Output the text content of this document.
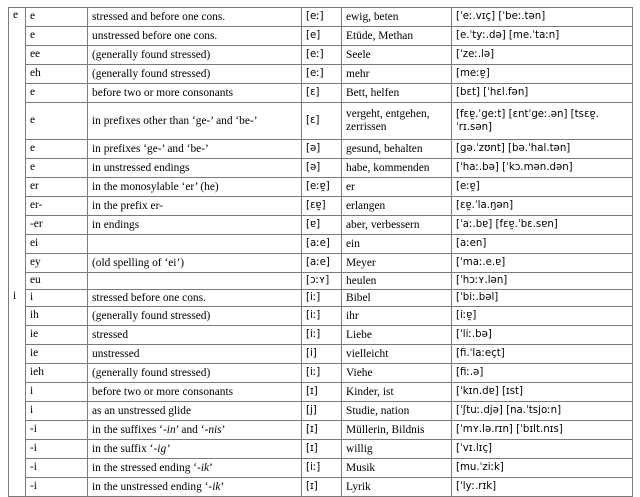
e	e	stressed and before one cons.	[eː]	ewig, beten	[ˈeː.vɪç] [ˈbeː.tən]
	e	unstressed before one cons.	[e]	Etüde, Methan	[e.ˈtyː.də] [me.ˈtaːn]
	ee	(generally found stressed)	[eː]	Seele	[ˈzeː.lə]
	eh	(generally found stressed)	[eː]	mehr	[meːɐ̯]
	e	before two or more consonants	[ɛ]	Bett, helfen	[bɛt] [ˈhɛl.fən]
	e	in prefixes other than ‘ge-’ and ‘be-’	[ɛ]	vergeht, entgehen, zerrissen	[fɛɐ̯.ˈgeːt] [ɛntˈgeː.ən] [tsɛɐ̯.ˈrɪ.sən]
	e	in prefixes ‘ge-’ and ‘be-’	[ə]	gesund, behalten	[gə.ˈzʊnt] [bə.ˈhal.tən]
	e	in unstressed endings	[ə]	habe, kommenden	[ˈhaː.bə] [ˈkɔ.mən.dən]
	er	in the monosylable ‘er’ (he)	[eːɐ̯]	er	[eːɐ̯]
	er-	in the prefix er-	[ɛɐ̯]	erlangen	[ɛɐ̯.ˈla.ŋən]
	-er	in endings	[ɐ]	aber, verbessern	[ˈaː.bɐ] [fɛɐ̯.ˈbɛ.sɐn]
	ei		[aːe]	ein	[aːen]
	ey	(old spelling of ‘ei’)	[aːe]	Meyer	[ˈmaː.e.ɐ]
	eu		[ɔːʏ]	heulen	[ˈhɔːʏ.lən]
i	i	stressed before one cons.	[iː]	Bibel	[ˈbiː.bəl]
	ih	(generally found stressed)	[iː]	ihr	[iːɐ̯]
	ie	stressed	[iː]	Liebe	[ˈliː.bə]
	ie	unstressed	[i]	vielleicht	[fi.ˈlaːeçt]
	ieh	(generally found stressed)	[iː]	Viehe	[fiː.ə]
	i	before two or more consonants	[ɪ]	Kinder, ist	[ˈkɪn.dɐ] [ɪst]
	i	as an unstressed glide	[j]	Studie, nation	[ˈʃtuː.djə] [na.ˈtsjoːn]
	-i	in the suffixes ‘-in’ and ‘-nis’	[ɪ]	Müllerin, Bildnis	[ˈmʏ.lə.rɪn] [ˈbɪlt.nɪs]
	-i	in the suffix ‘-ig’	[ɪ]	willig	[ˈvɪ.lɪç]
	-i	in the stressed ending ‘-ik’	[iː]	Musik	[mu.ˈziːk]
	-i	in the unstressed ending ‘-ik’	[ɪ]	Lyrik	[ˈlyː.rɪk]
